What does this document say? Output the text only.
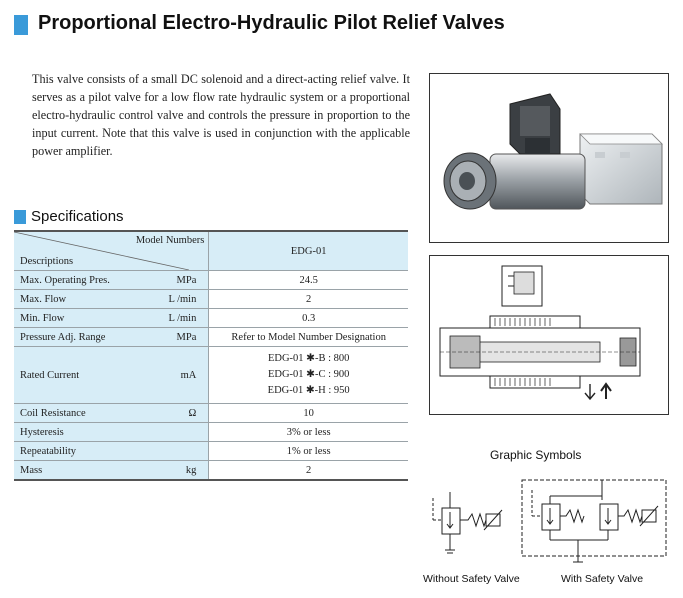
Proportional Electro-Hydraulic Pilot Relief Valves
This valve consists of a small DC solenoid and a direct-acting relief valve. It serves as a pilot valve for a low flow rate hydraulic system or a proportional electro-hydraulic control valve and controls the pressure in proportion to the input current. Note that this valve is used in conjunction with the applicable power amplifier.
Specifications
Model Numbers
Descriptions		EDG-01
Max. Operating Pres.	MPa	24.5
Max. Flow	L /min	2
Min. Flow	L /min	0.3
Pressure Adj. Range	MPa	Refer to Model Number Designation
Rated Current	mA	EDG-01 ✱-B : 800
EDG-01 ✱-C : 900
EDG-01 ✱-H : 950

Coil Resistance	Ω	10
Hysteresis		3% or less
Repeatability		1% or less
Mass	kg	2
Graphic Symbols
Without Safety Valve	With Safety Valve
